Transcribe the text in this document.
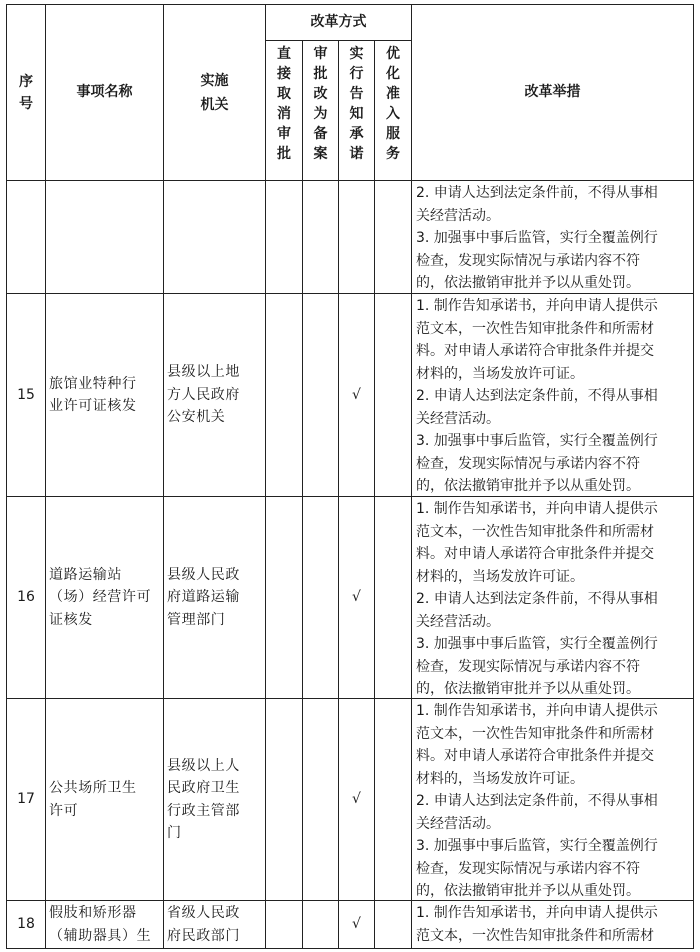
序号
事项名称
实施机关
改革方式
直
接
取
消
审
批
审
批
改
为
备
案
实
行
告
知
承
诺
优
化
准
入
服
务
改革举措
2. 申请人达到法定条件前，不得从事相
关经营活动。
3. 加强事中事后监管，实行全覆盖例行
检查，发现实际情况与承诺内容不符
的，依法撤销审批并予以从重处罚。
15
旅馆业特种行
业许可证核发
县级以上地
方人民政府
公安机关
√
1. 制作告知承诺书，并向申请人提供示
范文本，一次性告知审批条件和所需材
料。对申请人承诺符合审批条件并提交
材料的，当场发放许可证。
2. 申请人达到法定条件前，不得从事相
关经营活动。
3. 加强事中事后监管，实行全覆盖例行
检查，发现实际情况与承诺内容不符
的，依法撤销审批并予以从重处罚。
16
道路运输站
（场）经营许可
证核发
县级人民政
府道路运输
管理部门
√
1. 制作告知承诺书，并向申请人提供示
范文本，一次性告知审批条件和所需材
料。对申请人承诺符合审批条件并提交
材料的，当场发放许可证。
2. 申请人达到法定条件前，不得从事相
关经营活动。
3. 加强事中事后监管，实行全覆盖例行
检查，发现实际情况与承诺内容不符
的，依法撤销审批并予以从重处罚。
17
公共场所卫生
许可
县级以上人
民政府卫生
行政主管部
门
√
1. 制作告知承诺书，并向申请人提供示
范文本，一次性告知审批条件和所需材
料。对申请人承诺符合审批条件并提交
材料的，当场发放许可证。
2. 申请人达到法定条件前，不得从事相
关经营活动。
3. 加强事中事后监管，实行全覆盖例行
检查，发现实际情况与承诺内容不符
的，依法撤销审批并予以从重处罚。
18
假肢和矫形器
（辅助器具）生
省级人民政
府民政部门
√
1. 制作告知承诺书，并向申请人提供示
范文本，一次性告知审批条件和所需材
